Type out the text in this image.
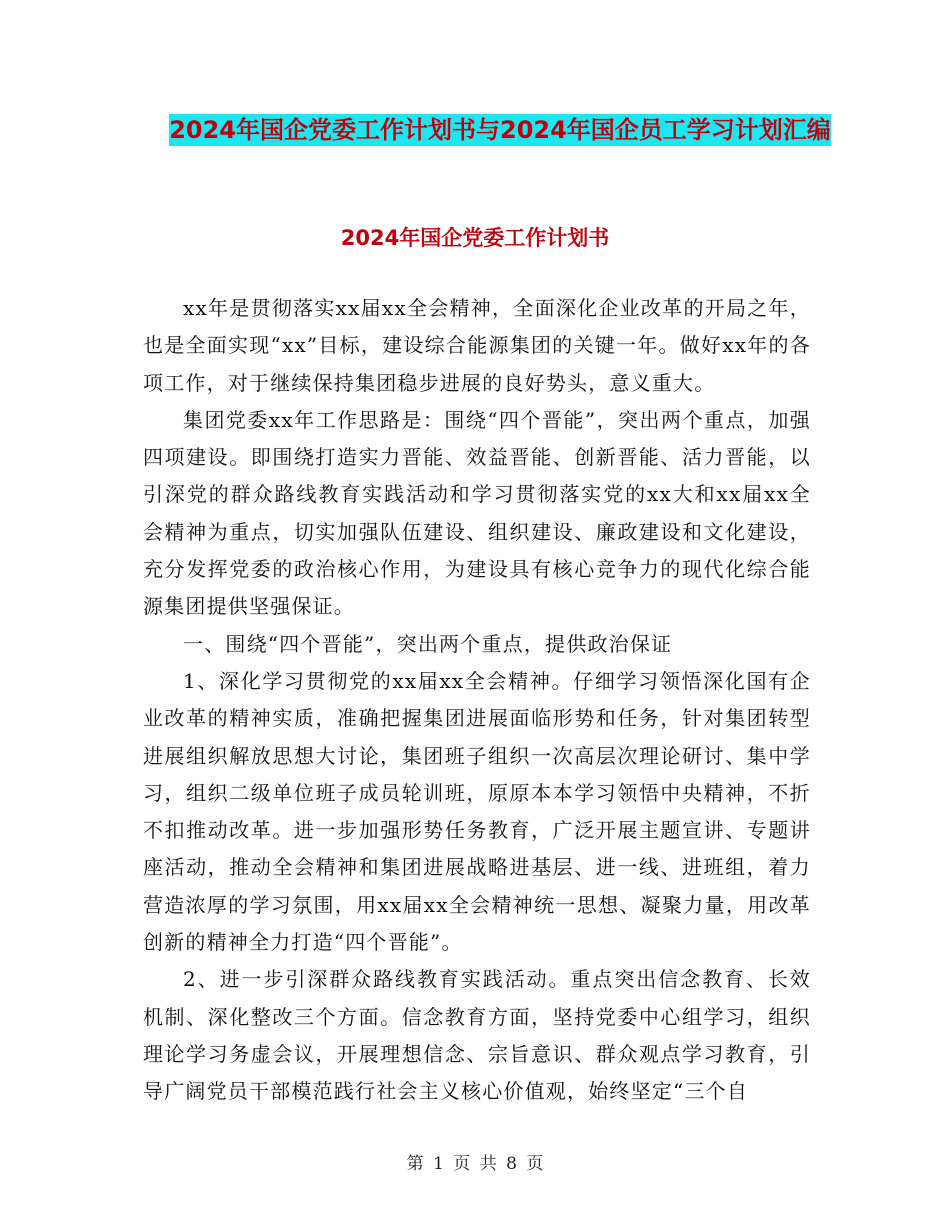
2024年国企党委工作计划书与2024年国企员工学习计划汇编
2024年国企党委工作计划书

xx年是贯彻落实xx届xx全会精神，全面深化企业改革的开局之年，也是全面实现“xx”目标，建设综合能源集团的关键一年。做好xx年的各项工作，对于继续保持集团稳步进展的良好势头，意义重大。

集团党委xx年工作思路是：围绕“四个晋能”，突出两个重点，加强四项建设。即围绕打造实力晋能、效益晋能、创新晋能、活力晋能，以引深党的群众路线教育实践活动和学习贯彻落实党的xx大和xx届xx全会精神为重点，切实加强队伍建设、组织建设、廉政建设和文化建设，充分发挥党委的政治核心作用，为建设具有核心竞争力的现代化综合能源集团提供坚强保证。

一、围绕“四个晋能”，突出两个重点，提供政治保证

1、深化学习贯彻党的xx届xx全会精神。仔细学习领悟深化国有企业改革的精神实质，准确把握集团进展面临形势和任务，针对集团转型进展组织解放思想大讨论，集团班子组织一次高层次理论研讨、集中学习，组织二级单位班子成员轮训班，原原本本学习领悟中央精神，不折不扣推动改革。进一步加强形势任务教育，广泛开展主题宣讲、专题讲座活动，推动全会精神和集团进展战略进基层、进一线、进班组，着力营造浓厚的学习氛围，用xx届xx全会精神统一思想、凝聚力量，用改革创新的精神全力打造“四个晋能”。

2、进一步引深群众路线教育实践活动。重点突出信念教育、长效机制、深化整改三个方面。信念教育方面，坚持党委中心组学习，组织理论学习务虚会议，开展理想信念、宗旨意识、群众观点学习教育，引导广阔党员干部模范践行社会主义核心价值观，始终坚定“三个自

第 1 页 共 8 页
